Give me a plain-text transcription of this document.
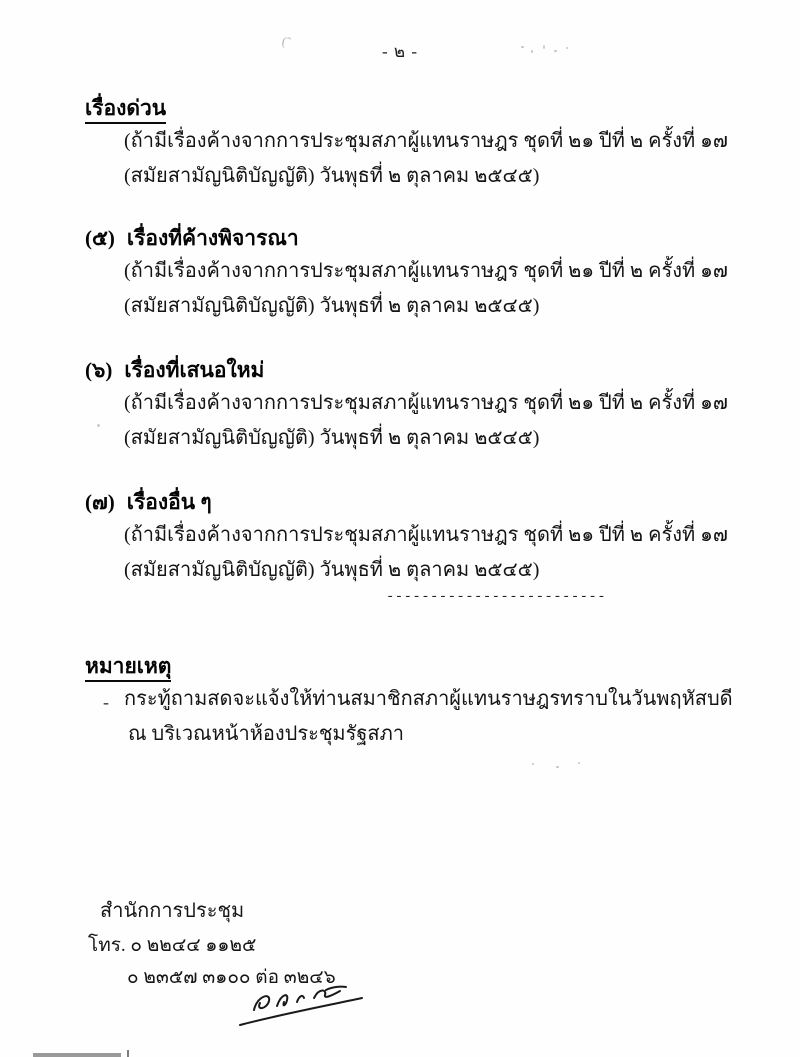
- ๒ -
(ˆ
เรื่องด่วน
(ถ้ามีเรื่องค้างจากการประชุมสภาผู้แทนราษฎร ชุดที่ ๒๑ ปีที่ ๒ ครั้งที่ ๑๗
(สมัยสามัญนิติบัญญัติ) วันพุธที่ ๒ ตุลาคม ๒๕๔๕)
(๕) เรื่องที่ค้างพิจารณา
(ถ้ามีเรื่องค้างจากการประชุมสภาผู้แทนราษฎร ชุดที่ ๒๑ ปีที่ ๒ ครั้งที่ ๑๗
(สมัยสามัญนิติบัญญัติ) วันพุธที่ ๒ ตุลาคม ๒๕๔๕)
(๖) เรื่องที่เสนอใหม่
(ถ้ามีเรื่องค้างจากการประชุมสภาผู้แทนราษฎร ชุดที่ ๒๑ ปีที่ ๒ ครั้งที่ ๑๗
(สมัยสามัญนิติบัญญัติ) วันพุธที่ ๒ ตุลาคม ๒๕๔๕)
(๗) เรื่องอื่น ๆ
(ถ้ามีเรื่องค้างจากการประชุมสภาผู้แทนราษฎร ชุดที่ ๒๑ ปีที่ ๒ ครั้งที่ ๑๗
(สมัยสามัญนิติบัญญัติ) วันพุธที่ ๒ ตุลาคม ๒๕๔๕)
-------------------------
หมายเหตุ
กระทู้ถามสดจะแจ้งให้ท่านสมาชิกสภาผู้แทนราษฎรทราบในวันพฤหัสบดี
ณ บริเวณหน้าห้องประชุมรัฐสภา
-
สำนักการประชุม
โทร. ๐ ๒๒๔๔ ๑๑๒๕
๐ ๒๓๕๗ ๓๑๐๐ ต่อ ๓๒๔๖
